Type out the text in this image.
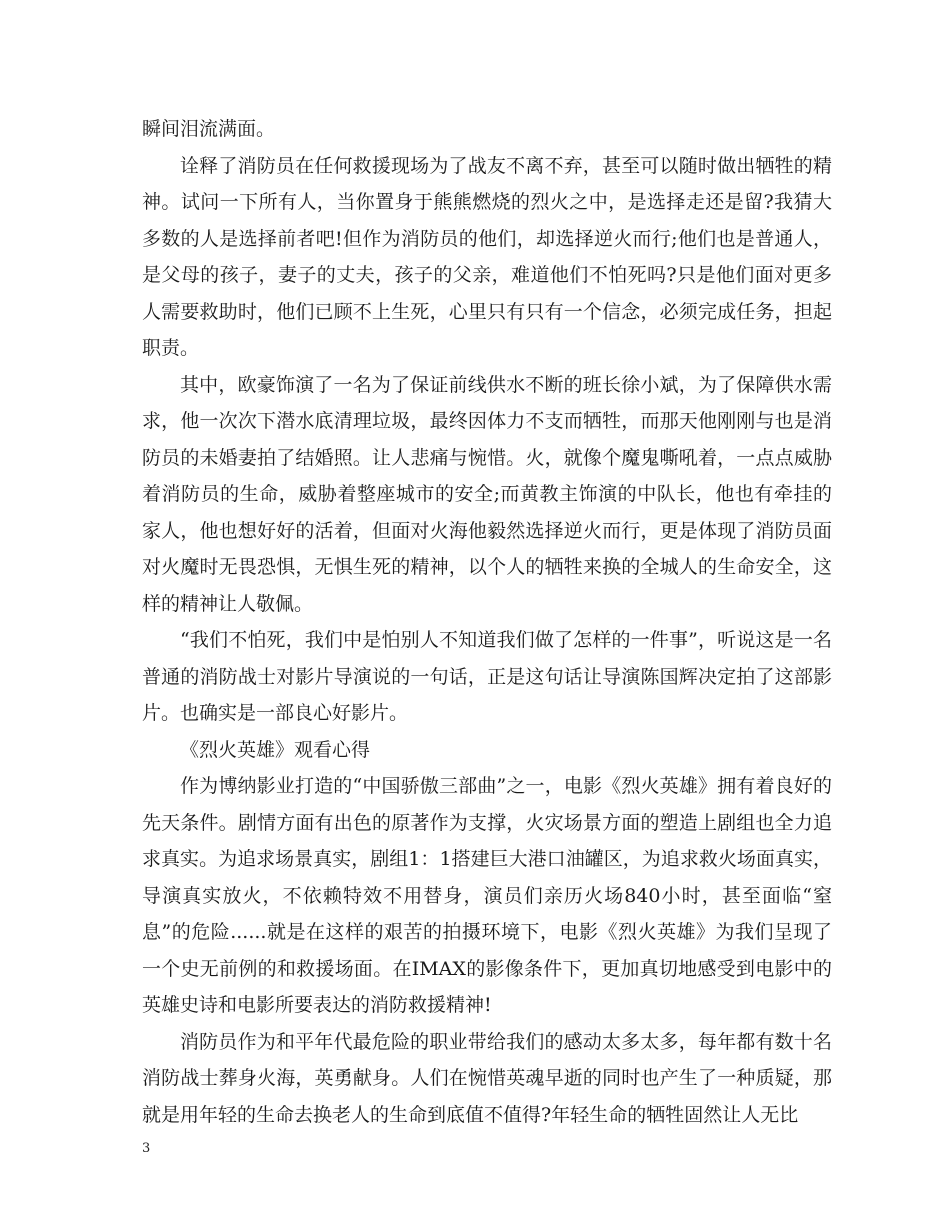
瞬间泪流满面。

诠释了消防员在任何救援现场为了战友不离不弃，甚至可以随时做出牺牲的精神。试问一下所有人，当你置身于熊熊燃烧的烈火之中，是选择走还是留?我猜大多数的人是选择前者吧!但作为消防员的他们，却选择逆火而行;他们也是普通人，是父母的孩子，妻子的丈夫，孩子的父亲，难道他们不怕死吗?只是他们面对更多人需要救助时，他们已顾不上生死，心里只有只有一个信念，必须完成任务，担起职责。

其中，欧豪饰演了一名为了保证前线供水不断的班长徐小斌，为了保障供水需求，他一次次下潜水底清理垃圾，最终因体力不支而牺牲，而那天他刚刚与也是消防员的未婚妻拍了结婚照。让人悲痛与惋惜。火，就像个魔鬼嘶吼着，一点点威胁着消防员的生命，威胁着整座城市的安全;而黄教主饰演的中队长，他也有牵挂的家人，他也想好好的活着，但面对火海他毅然选择逆火而行，更是体现了消防员面对火魔时无畏恐惧，无惧生死的精神，以个人的牺牲来换的全城人的生命安全，这样的精神让人敬佩。

“我们不怕死，我们中是怕别人不知道我们做了怎样的一件事”，听说这是一名普通的消防战士对影片导演说的一句话，正是这句话让导演陈国辉决定拍了这部影片。也确实是一部良心好影片。

《烈火英雄》观看心得

作为博纳影业打造的“中国骄傲三部曲”之一，电影《烈火英雄》拥有着良好的先天条件。剧情方面有出色的原著作为支撑，火灾场景方面的塑造上剧组也全力追求真实。为追求场景真实，剧组1：1搭建巨大港口油罐区，为追求救火场面真实，导演真实放火，不依赖特效不用替身，演员们亲历火场840小时，甚至面临“窒息”的危险......就是在这样的艰苦的拍摄环境下，电影《烈火英雄》为我们呈现了一个史无前例的和救援场面。在IMAX的影像条件下，更加真切地感受到电影中的英雄史诗和电影所要表达的消防救援精神!

消防员作为和平年代最危险的职业带给我们的感动太多太多，每年都有数十名消防战士葬身火海，英勇献身。人们在惋惜英魂早逝的同时也产生了一种质疑，那就是用年轻的生命去换老人的生命到底值不值得?年轻生命的牺牲固然让人无比

3
